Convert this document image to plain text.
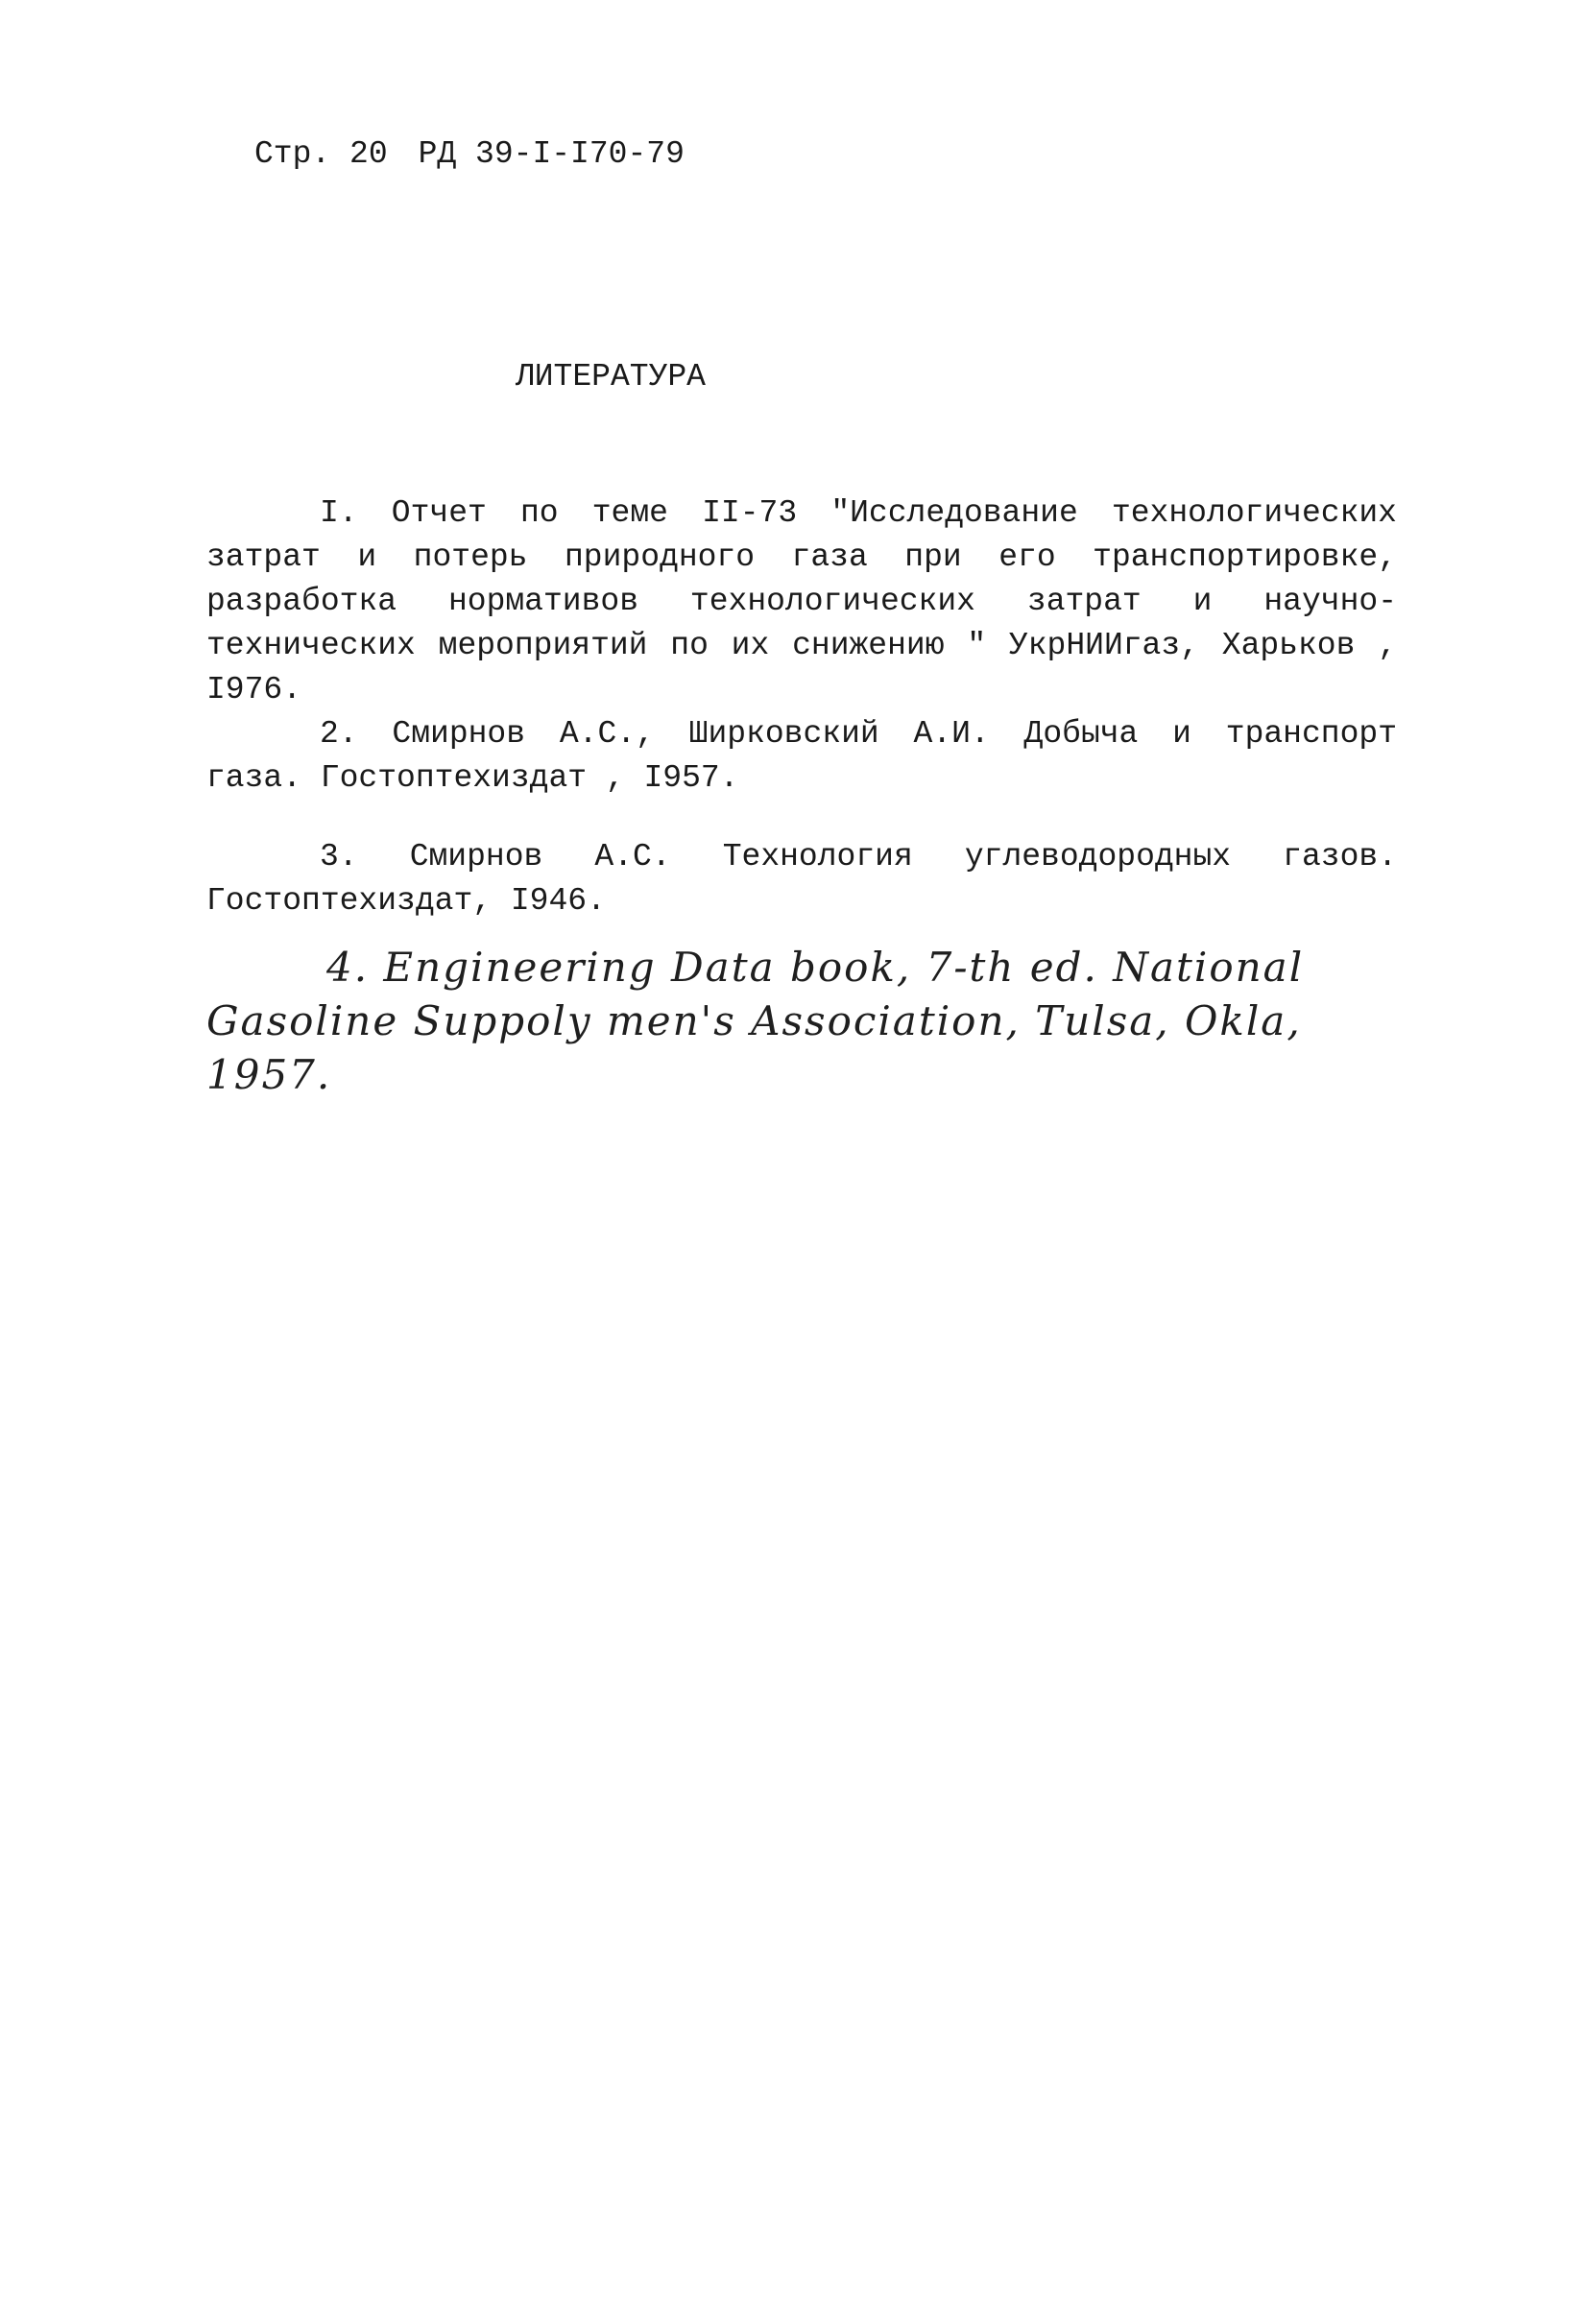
Стр. 20 РД 39-I-I70-79
ЛИТЕРАТУРА
I. Отчет по теме II-73 "Исследование технологических затрат и потерь природного газа при его транспортировке, разработка нормативов технологических затрат и научно-технических мероприятий по их снижению " УкрНИИгаз, Харьков , I976.
2. Смирнов А.С., Ширковский А.И. Добыча и транспорт газа. Гостоптехиздат , I957.
3. Смирнов А.С. Технология углеводородных газов. Гостоптехиздат, I946.
4. Engineering Data book, 7-th ed. National Gasoline Suppoly men's Association, Tulsa, Okla, 1957.
